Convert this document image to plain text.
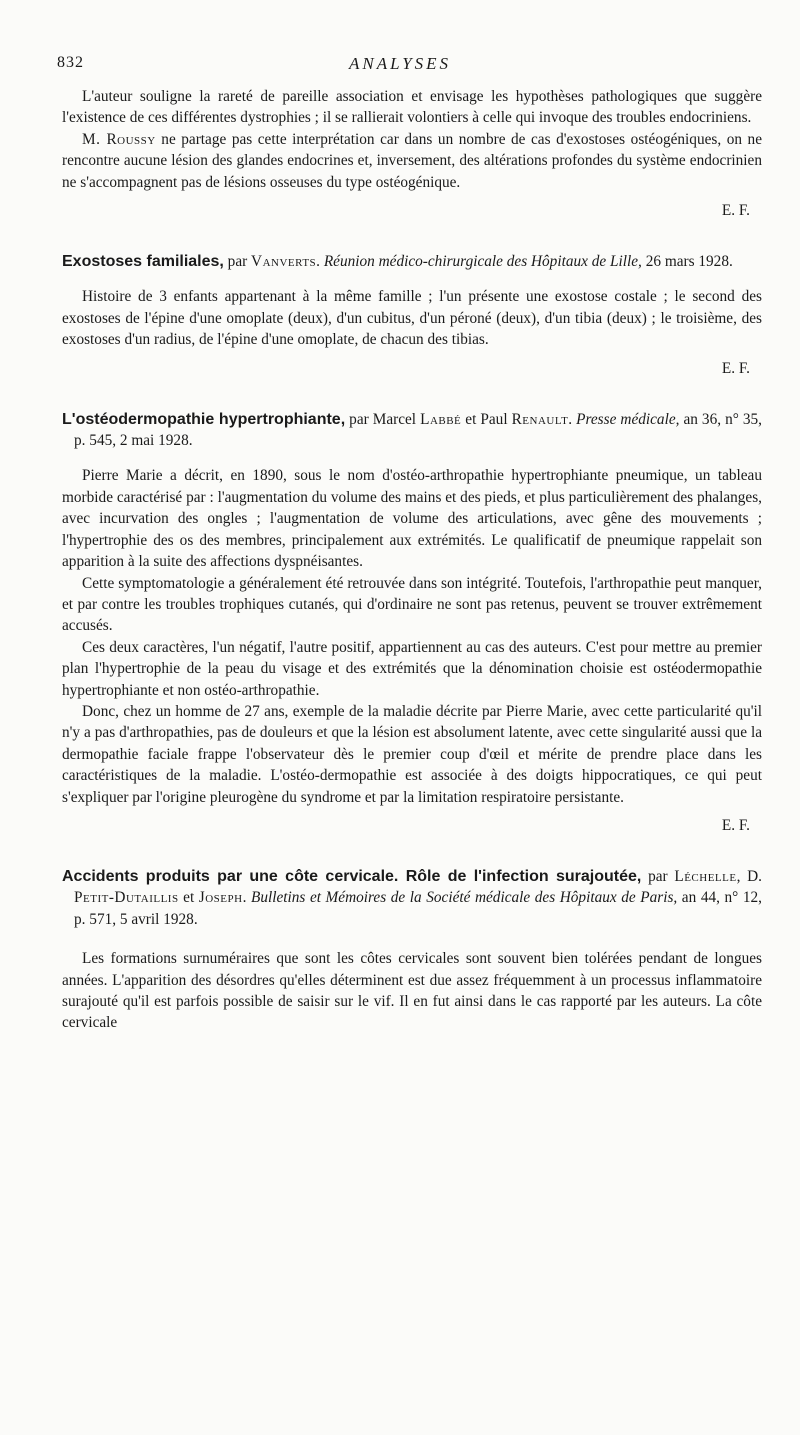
832	ANALYSES

L'auteur souligne la rareté de pareille association et envisage les hypothèses pathologiques que suggère l'existence de ces différentes dystrophies ; il se rallierait volontiers à celle qui invoque des troubles endocriniens.

M. Roussy ne partage pas cette interprétation car dans un nombre de cas d'exostoses ostéogéniques, on ne rencontre aucune lésion des glandes endocrines et, inversement, des altérations profondes du système endocrinien ne s'accompagnent pas de lésions osseuses du type ostéogénique.

E. F.
Exostoses familiales, par Vanverts. Réunion médico-chirurgicale des Hôpitaux de Lille, 26 mars 1928.

Histoire de 3 enfants appartenant à la même famille ; l'un présente une exostose costale ; le second des exostoses de l'épine d'une omoplate (deux), d'un cubitus, d'un péroné (deux), d'un tibia (deux) ; le troisième, des exostoses d'un radius, de l'épine d'une omoplate, de chacun des tibias.

E. F.
L'ostéodermopathie hypertrophiante, par Marcel Labbé et Paul Renault. Presse médicale, an 36, n° 35, p. 545, 2 mai 1928.

Pierre Marie a décrit, en 1890, sous le nom d'ostéo-arthropathie hypertrophiante pneumique, un tableau morbide caractérisé par : l'augmentation du volume des mains et des pieds, et plus particulièrement des phalanges, avec incurvation des ongles ; l'augmentation de volume des articulations, avec gêne des mouvements ; l'hypertrophie des os des membres, principalement aux extrémités. Le qualificatif de pneumique rappelait son apparition à la suite des affections dyspnéisantes.

Cette symptomatologie a généralement été retrouvée dans son intégrité. Toutefois, l'arthropathie peut manquer, et par contre les troubles trophiques cutanés, qui d'ordinaire ne sont pas retenus, peuvent se trouver extrêmement accusés.

Ces deux caractères, l'un négatif, l'autre positif, appartiennent au cas des auteurs. C'est pour mettre au premier plan l'hypertrophie de la peau du visage et des extrémités que la dénomination choisie est ostéodermopathie hypertrophiante et non ostéo-arthropathie.

Donc, chez un homme de 27 ans, exemple de la maladie décrite par Pierre Marie, avec cette particularité qu'il n'y a pas d'arthropathies, pas de douleurs et que la lésion est absolument latente, avec cette singularité aussi que la dermopathie faciale frappe l'observateur dès le premier coup d'œil et mérite de prendre place dans les caractéristiques de la maladie. L'ostéo-dermopathie est associée à des doigts hippocratiques, ce qui peut s'expliquer par l'origine pleurogène du syndrome et par la limitation respiratoire persistante.

E. F.
Accidents produits par une côte cervicale. Rôle de l'infection surajoutée, par Léchelle, D. Petit-Dutaillis et Joseph. Bulletins et Mémoires de la Société médicale des Hôpitaux de Paris, an 44, n° 12, p. 571, 5 avril 1928.

Les formations surnuméraires que sont les côtes cervicales sont souvent bien tolérées pendant de longues années. L'apparition des désordres qu'elles déterminent est due assez fréquemment à un processus inflammatoire surajouté qu'il est parfois possible de saisir sur le vif. Il en fut ainsi dans le cas rapporté par les auteurs. La côte cervicale
